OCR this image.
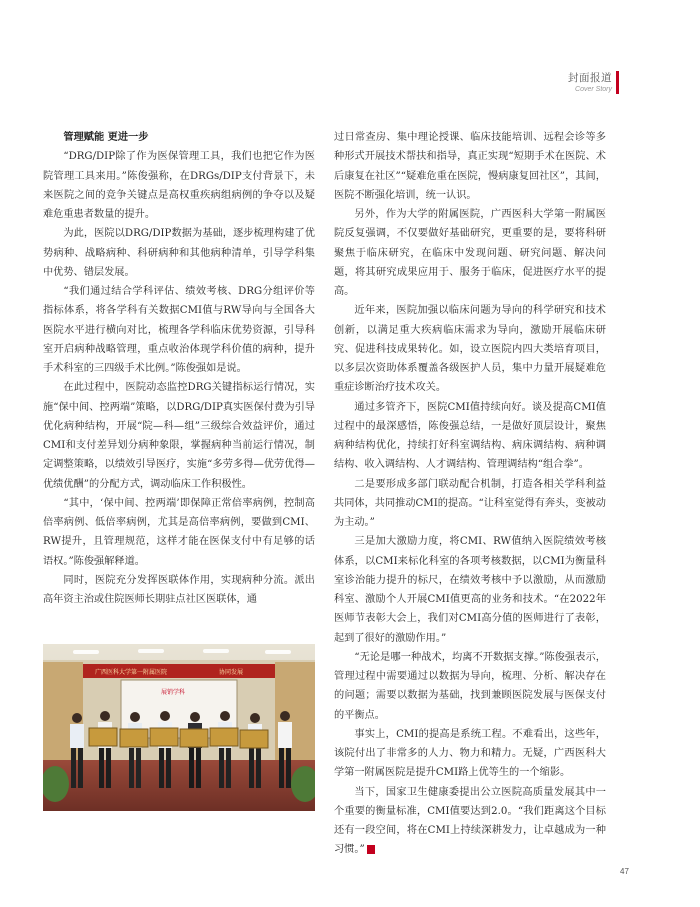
封面报道
Cover Story

管理赋能 更进一步

“DRG/DIP除了作为医保管理工具，我们也把它作为医院管理工具来用。”陈俊强称，在DRGs/DIP支付背景下，未来医院之间的竞争关键点是高权重疾病组病例的争夺以及疑难危重患者数量的提升。

为此，医院以DRG/DIP数据为基础，逐步梳理构建了优势病种、战略病种、科研病种和其他病种清单，引导学科集中优势、错层发展。

“我们通过结合学科评估、绩效考核、DRG分组评价等指标体系，将各学科有关数据CMI值与RW导向与全国各大医院水平进行横向对比，梳理各学科临床优势资源，引导科室开启病种战略管理，重点收治体现学科价值的病种，提升手术科室的三四级手术比例。”陈俊强如是说。

在此过程中，医院动态监控DRG关键指标运行情况，实施“保中间、控两端”策略，以DRG/DIP真实医保付费为引导优化病种结构，开展“院—科—组”三级综合效益评价，通过CMI和支付差异划分病种象限，掌握病种当前运行情况，制定调整策略，以绩效引导医疗，实施“多劳多得—优劳优得—优绩优酬”的分配方式，调动临床工作积极性。

“其中，‘保中间、控两端’即保障正常倍率病例，控制高倍率病例、低倍率病例，尤其是高倍率病例，要做到CMI、RW提升，且管理规范，这样才能在医保支付中有足够的话语权。”陈俊强解释道。

同时，医院充分发挥医联体作用，实现病种分流。派出高年资主治或住院医师长期驻点社区医联体，通

广西医科大学第一附属医院	协同发展
展销学科

过日常查房、集中理论授课、临床技能培训、远程会诊等多种形式开展技术帮扶和指导，真正实现“短期手术在医院、术后康复在社区”“疑难危重在医院，慢病康复回社区”，其间，医院不断强化培训，统一认识。

另外，作为大学的附属医院，广西医科大学第一附属医院反复强调，不仅要做好基础研究，更重要的是，要将科研聚焦于临床研究，在临床中发现问题、研究问题、解决问题，将其研究成果应用于、服务于临床，促进医疗水平的提高。

近年来，医院加强以临床问题为导向的科学研究和技术创新，以满足重大疾病临床需求为导向，激励开展临床研究、促进科技成果转化。如，设立医院内四大类培育项目，以多层次资助体系覆盖各级医护人员，集中力量开展疑难危重症诊断治疗技术攻关。

通过多管齐下，医院CMI值持续向好。谈及提高CMI值过程中的最深感悟，陈俊强总结，一是做好顶层设计，聚焦病种结构优化，持续打好科室调结构、病床调结构、病种调结构、收入调结构、人才调结构、管理调结构“组合拳”。

二是要形成多部门联动配合机制，打造各相关学科利益共同体，共同推动CMI的提高。“让科室觉得有奔头，变被动为主动。”

三是加大激励力度，将CMI、RW值纳入医院绩效考核体系，以CMI来标化科室的各项考核数据，以CMI为衡量科室诊治能力提升的标尺，在绩效考核中予以激励，从而激励科室、激励个人开展CMI值更高的业务和技术。“在2022年医师节表彰大会上，我们对CMI高分值的医师进行了表彰，起到了很好的激励作用。”

“无论是哪一种战术，均离不开数据支撑。”陈俊强表示，管理过程中需要通过以数据为导向，梳理、分析、解决存在的问题；需要以数据为基础，找到兼顾医院发展与医保支付的平衡点。

事实上，CMI的提高是系统工程。不难看出，这些年，该院付出了非常多的人力、物力和精力。无疑，广西医科大学第一附属医院是提升CMI路上优等生的一个缩影。

当下，国家卫生健康委提出公立医院高质量发展其中一个重要的衡量标准，CMI值要达到2.0。“我们距离这个目标还有一段空间，将在CMI上持续深耕发力，让卓越成为一种习惯。”	医

47
